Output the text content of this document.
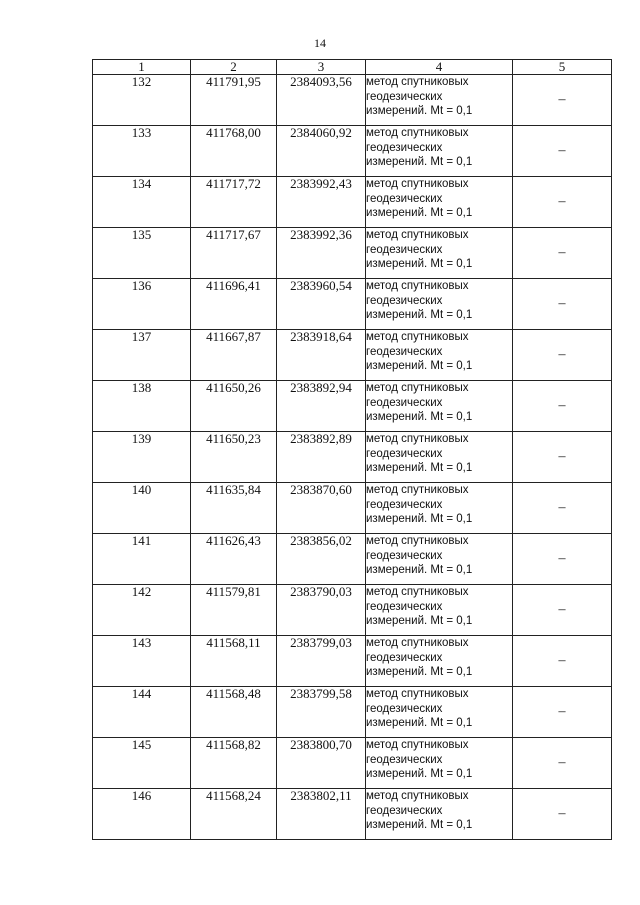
14
1	2	3	4	5
132	411791,95	2384093,56	метод спутниковых
геодезических
измерений. Mt = 0,1	–
133	411768,00	2384060,92	метод спутниковых
геодезических
измерений. Mt = 0,1	–
134	411717,72	2383992,43	метод спутниковых
геодезических
измерений. Mt = 0,1	–
135	411717,67	2383992,36	метод спутниковых
геодезических
измерений. Mt = 0,1	–
136	411696,41	2383960,54	метод спутниковых
геодезических
измерений. Mt = 0,1	–
137	411667,87	2383918,64	метод спутниковых
геодезических
измерений. Mt = 0,1	–
138	411650,26	2383892,94	метод спутниковых
геодезических
измерений. Mt = 0,1	–
139	411650,23	2383892,89	метод спутниковых
геодезических
измерений. Mt = 0,1	–
140	411635,84	2383870,60	метод спутниковых
геодезических
измерений. Mt = 0,1	–
141	411626,43	2383856,02	метод спутниковых
геодезических
измерений. Mt = 0,1	–
142	411579,81	2383790,03	метод спутниковых
геодезических
измерений. Mt = 0,1	–
143	411568,11	2383799,03	метод спутниковых
геодезических
измерений. Mt = 0,1	–
144	411568,48	2383799,58	метод спутниковых
геодезических
измерений. Mt = 0,1	–
145	411568,82	2383800,70	метод спутниковых
геодезических
измерений. Mt = 0,1	–
146	411568,24	2383802,11	метод спутниковых
геодезических
измерений. Mt = 0,1	–
